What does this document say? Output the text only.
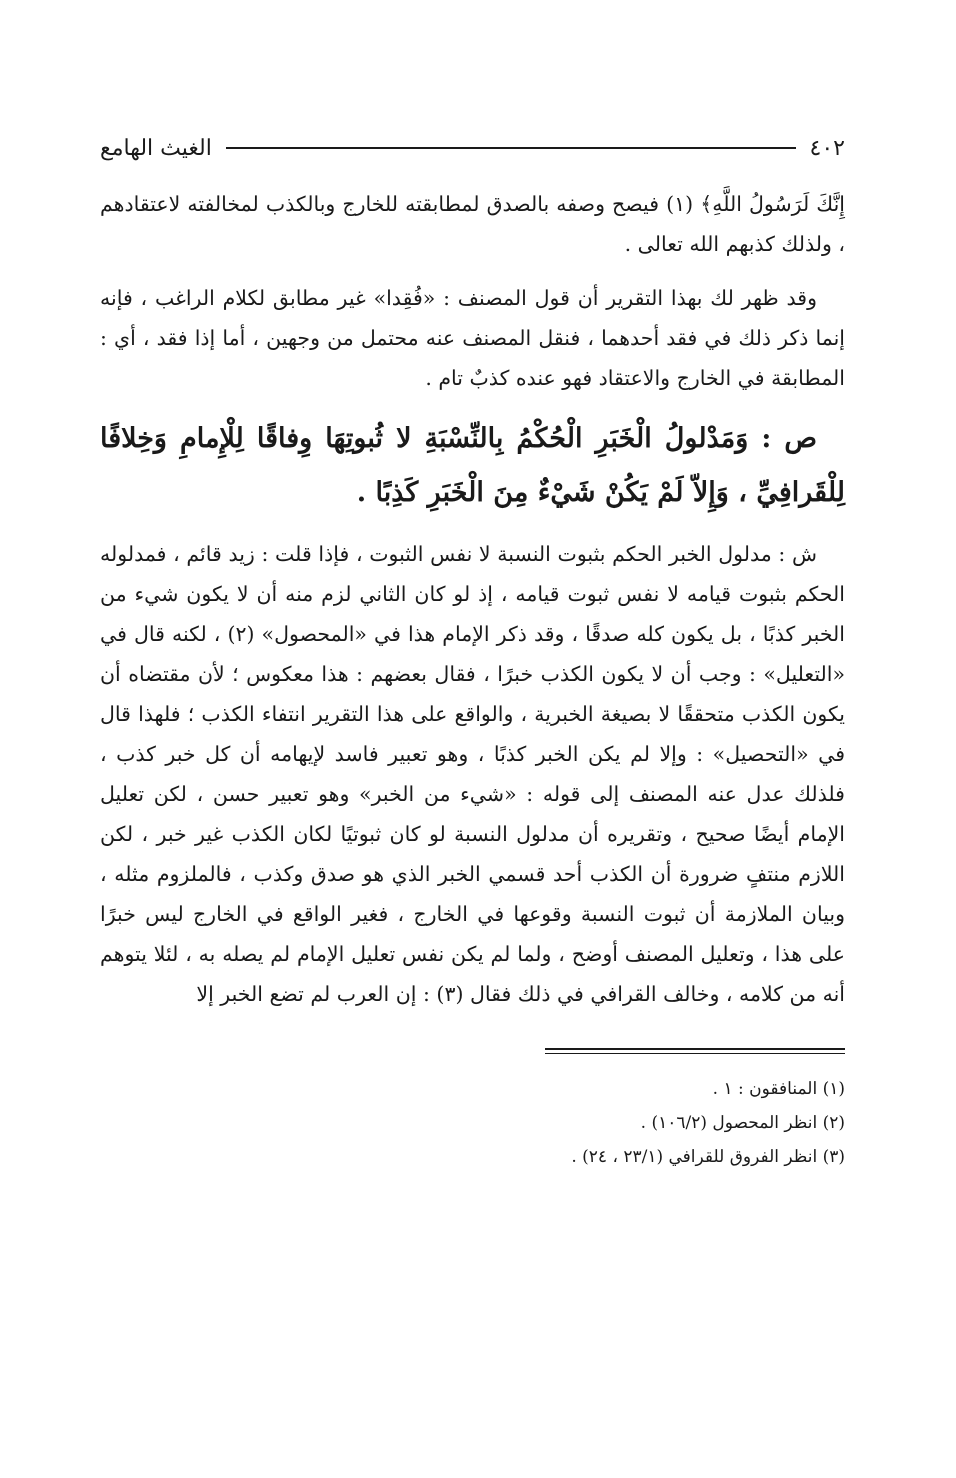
٤٠٢
الغيث الهامع

إِنَّكَ لَرَسُولُ اللَّهِ﴾ (١) فيصح وصفه بالصدق لمطابقته للخارج وبالكذب لمخالفته لاعتقادهم ، ولذلك كذبهم الله تعالى .

وقد ظهر لك بهذا التقرير أن قول المصنف : «فُقِدا» غير مطابق لكلام الراغب ، فإنه إنما ذكر ذلك في فقد أحدهما ، فنقل المصنف عنه محتمل من وجهين ، أما إذا فقد ، أي : المطابقة في الخارج والاعتقاد فهو عنده كذبٌ تام .

ص : وَمَدْلولُ الْخَبَرِ الْحُكْمُ بِالنِّسْبَةِ لا ثُبوتِهَا وِفاقًا لِلْإِمامِ وَخِلافًا لِلْقَرافِيِّ ، وَإِلاّ لَمْ يَكُنْ شَيْءٌ مِنَ الْخَبَرِ كَذِبًا .

ش : مدلول الخبر الحكم بثبوت النسبة لا نفس الثبوت ، فإذا قلت : زيد قائم ، فمدلوله الحكم بثبوت قيامه لا نفس ثبوت قيامه ، إذ لو كان الثاني لزم منه أن لا يكون شيء من الخبر كذبًا ، بل يكون كله صدقًا ، وقد ذكر الإمام هذا في «المحصول» (٢) ، لكنه قال في «التعليل» : وجب أن لا يكون الكذب خبرًا ، فقال بعضهم : هذا معكوس ؛ لأن مقتضاه أن يكون الكذب متحققًا لا بصيغة الخبرية ، والواقع على هذا التقرير انتفاء الكذب ؛ فلهذا قال في «التحصيل» : وإلا لم يكن الخبر كذبًا ، وهو تعبير فاسد لإيهامه أن كل خبر كذب ، فلذلك عدل عنه المصنف إلى قوله : «شيء من الخبر» وهو تعبير حسن ، لكن تعليل الإمام أيضًا صحيح ، وتقريره أن مدلول النسبة لو كان ثبوتيًا لكان الكذب غير خبر ، لكن اللازم منتفٍ ضرورة أن الكذب أحد قسمي الخبر الذي هو صدق وكذب ، فالملزوم مثله ، وبيان الملازمة أن ثبوت النسبة وقوعها في الخارج ، فغير الواقع في الخارج ليس خبرًا على هذا ، وتعليل المصنف أوضح ، ولما لم يكن نفس تعليل الإمام لم يصله به ، لئلا يتوهم أنه من كلامه ، وخالف القرافي في ذلك فقال (٣) : إن العرب لم تضع الخبر إلا

(١) المنافقون : ١ .
(٢) انظر المحصول (١٠٦/٢) .
(٣) انظر الفروق للقرافي (٢٣/١ ، ٢٤) .
